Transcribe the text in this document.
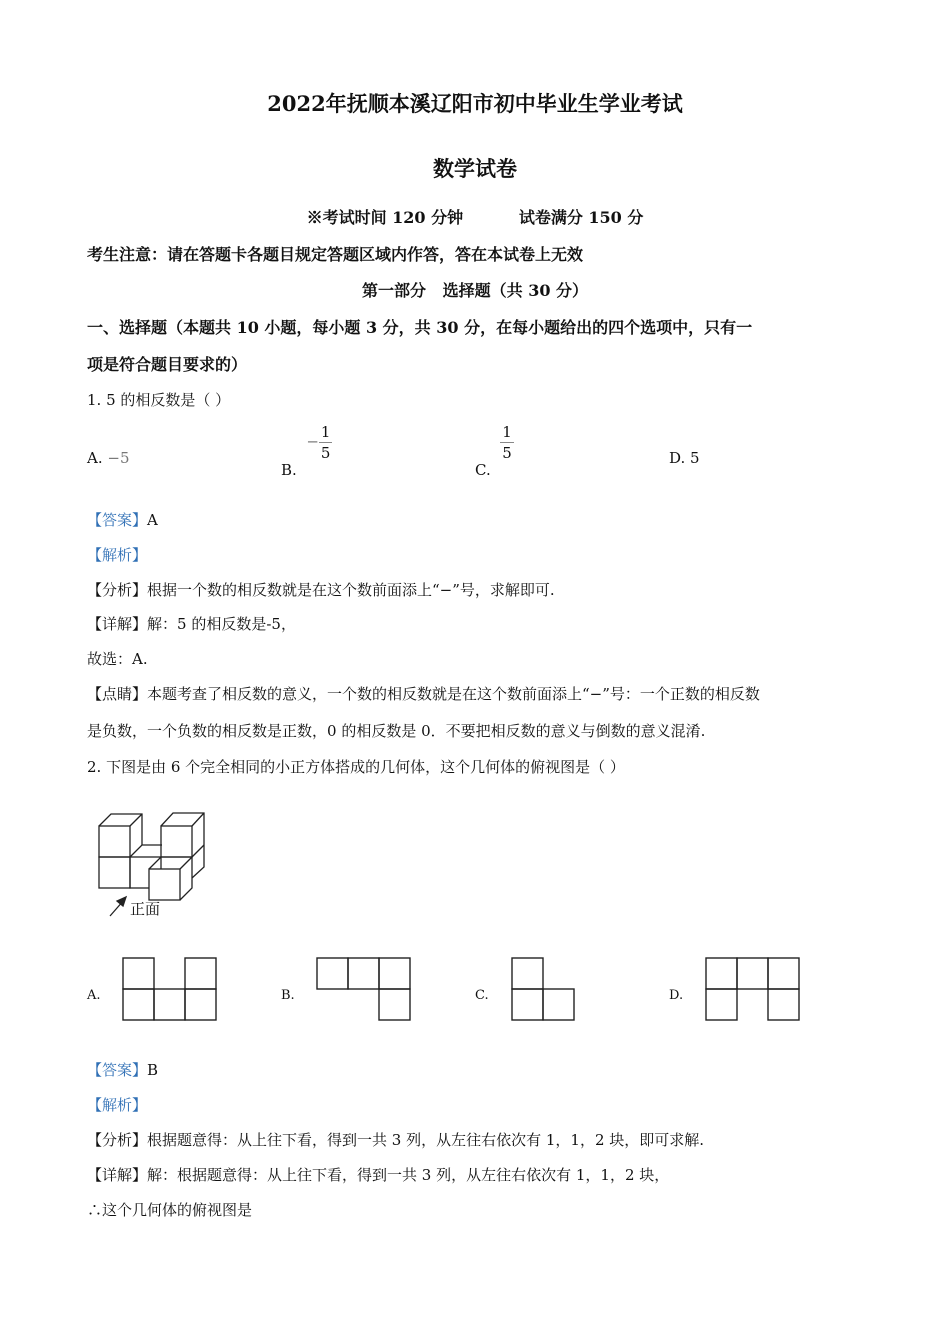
2022年抚顺本溪辽阳市初中毕业生学业考试
数学试卷
※考试时间 120 分钟          试卷满分 150 分
考生注意：请在答题卡各题目规定答题区域内作答，答在本试卷上无效
第一部分   选择题（共 30 分）
一、选择题（本题共 10 小题，每小题 3 分，共 30 分，在每小题给出的四个选项中，只有一
项是符合题目要求的）
1. 5 的相反数是（ ）
A. −5
B.  − $\frac{1}{5}$
C.
$\frac{1}{5}$	D. 5
【答案】A
【解析】
【分析】根据一个数的相反数就是在这个数前面添上“−”号，求解即可.
【详解】解：5 的相反数是-5，
故选：A.
【点睛】本题考查了相反数的意义，一个数的相反数就是在这个数前面添上“−”号：一个正数的相反数
是负数，一个负数的相反数是正数，0 的相反数是 0．不要把相反数的意义与倒数的意义混淆.
2. 下图是由 6 个完全相同的小正方体搭成的几何体，这个几何体的俯视图是（ ）
正面
A.	B.	C.	D.
【答案】B
【解析】
【分析】根据题意得：从上往下看，得到一共 3 列，从左往右依次有 1，1，2 块，即可求解.
【详解】解：根据题意得：从上往下看，得到一共 3 列，从左往右依次有 1，1，2 块，
∴这个几何体的俯视图是
